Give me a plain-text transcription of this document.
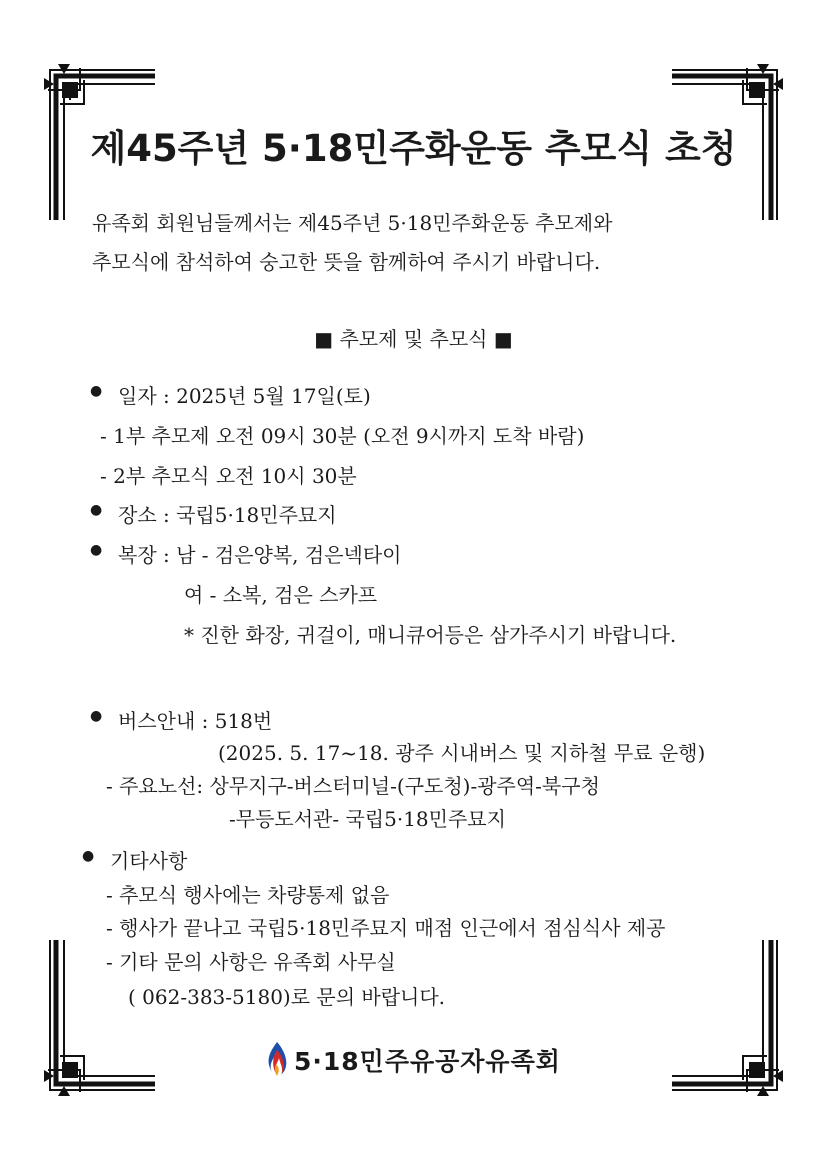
제45주년 5·18민주화운동 추모식 초청
유족회 회원님들께서는 제45주년 5·18민주화운동 추모제와
추모식에 참석하여 숭고한 뜻을 함께하여 주시기 바랍니다.
■ 추모제 및 추모식 ■
● 일자 : 2025년 5월 17일(토)
- 1부 추모제 오전 09시 30분 (오전 9시까지 도착 바람)
- 2부 추모식 오전 10시 30분
● 장소 : 국립5·18민주묘지
● 복장 : 남 - 검은양복, 검은넥타이
여 - 소복, 검은 스카프
* 진한 화장, 귀걸이, 매니큐어등은 삼가주시기 바랍니다.
● 버스안내 : 518번
(2025. 5. 17~18. 광주 시내버스 및 지하철 무료 운행)
- 주요노선: 상무지구-버스터미널-(구도청)-광주역-북구청
-무등도서관- 국립5·18민주묘지
● 기타사항
- 추모식 행사에는 차량통제 없음
- 행사가 끝나고 국립5·18민주묘지 매점 인근에서 점심식사 제공
- 기타 문의 사항은 유족회 사무실
( 062-383-5180)로 문의 바랍니다.
5·18민주유공자유족회
